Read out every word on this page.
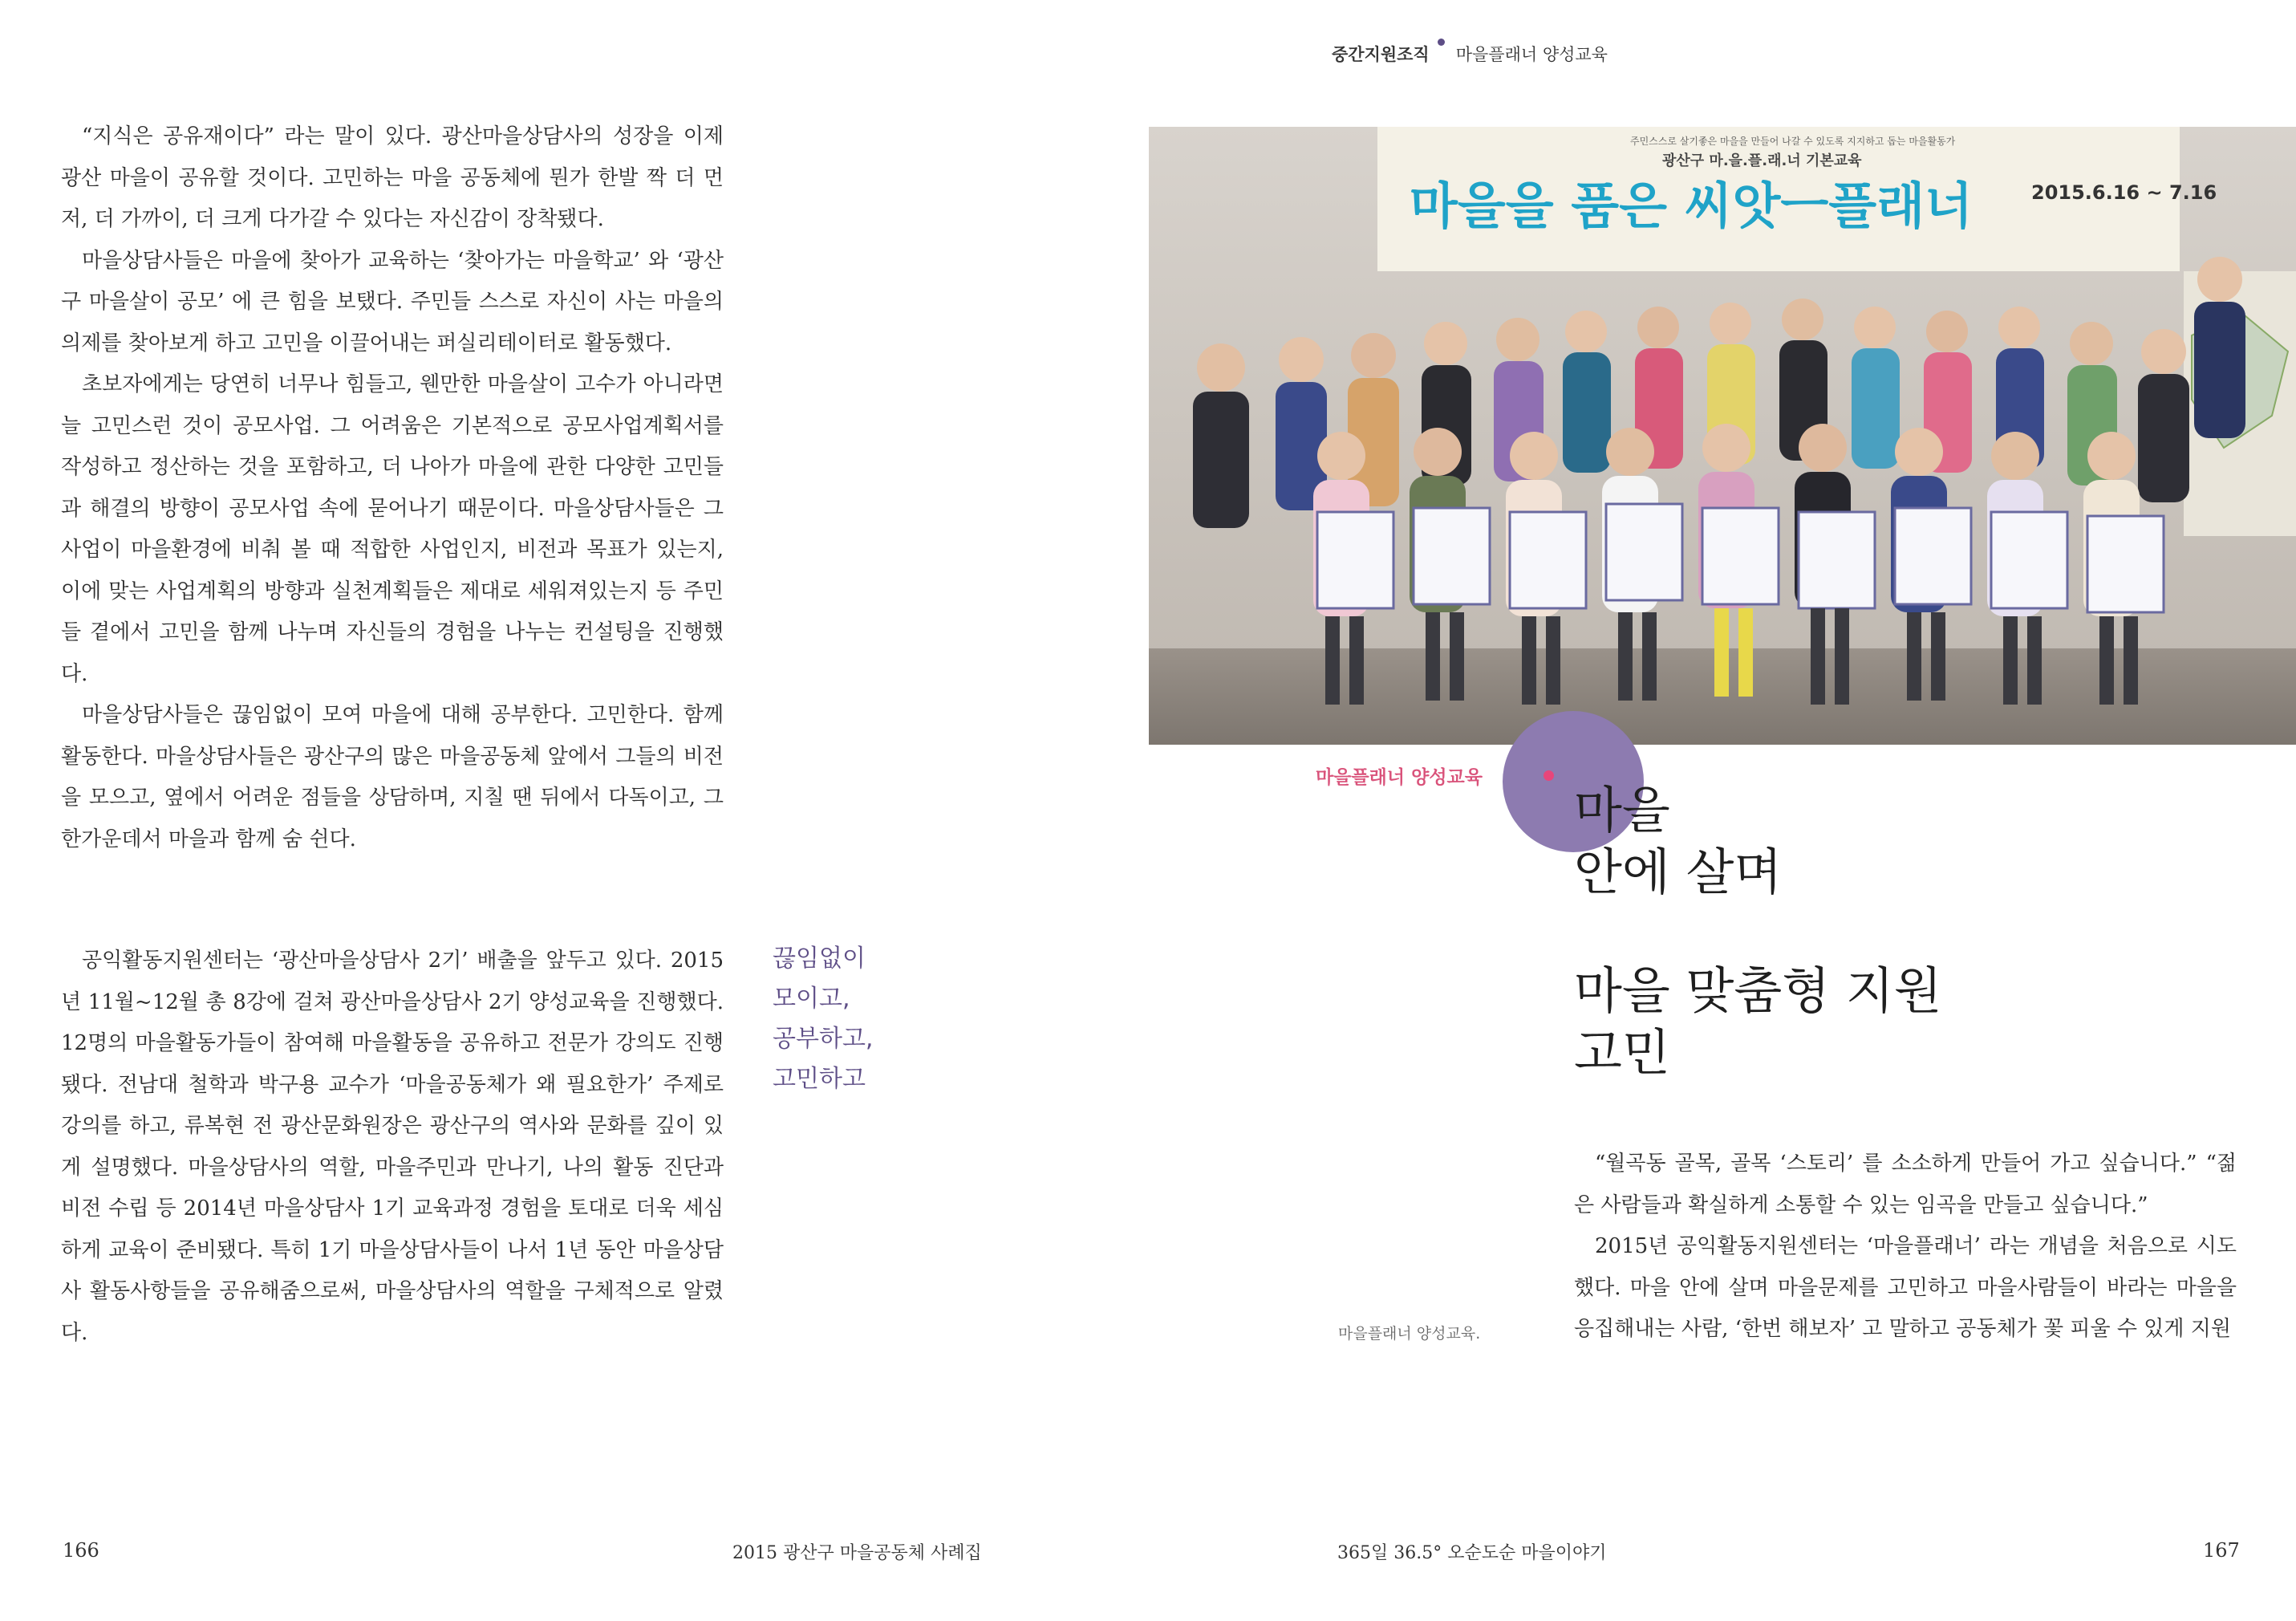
중간지원조직 마을플래너 양성교육

“지식은 공유재이다” 라는 말이 있다. 광산마을상담사의 성장을 이제 광산 마을이 공유할 것이다. 고민하는 마을 공동체에 뭔가 한발 짝 더 먼저, 더 가까이, 더 크게 다가갈 수 있다는 자신감이 장착됐다.

마을상담사들은 마을에 찾아가 교육하는 ‘찾아가는 마을학교’ 와 ‘광산구 마을살이 공모’ 에 큰 힘을 보탰다. 주민들 스스로 자신이 사는 마을의 의제를 찾아보게 하고 고민을 이끌어내는 퍼실리테이터로 활동했다.

초보자에게는 당연히 너무나 힘들고, 웬만한 마을살이 고수가 아니라면 늘 고민스런 것이 공모사업. 그 어려움은 기본적으로 공모사업계획서를 작성하고 정산하는 것을 포함하고, 더 나아가 마을에 관한 다양한 고민들과 해결의 방향이 공모사업 속에 묻어나기 때문이다. 마을상담사들은 그 사업이 마을환경에 비춰 볼 때 적합한 사업인지, 비전과 목표가 있는지, 이에 맞는 사업계획의 방향과 실천계획들은 제대로 세워져있는지 등 주민들 곁에서 고민을 함께 나누며 자신들의 경험을 나누는 컨설팅을 진행했다.

마을상담사들은 끊임없이 모여 마을에 대해 공부한다. 고민한다. 함께 활동한다. 마을상담사들은 광산구의 많은 마을공동체 앞에서 그들의 비전을 모으고, 옆에서 어려운 점들을 상담하며, 지칠 땐 뒤에서 다독이고, 그 한가운데서 마을과 함께 숨 쉰다.

공익활동지원센터는 ‘광산마을상담사 2기’ 배출을 앞두고 있다. 2015년 11월~12월 총 8강에 걸쳐 광산마을상담사 2기 양성교육을 진행했다. 12명의 마을활동가들이 참여해 마을활동을 공유하고 전문가 강의도 진행됐다. 전남대 철학과 박구용 교수가 ‘마을공동체가 왜 필요한가’ 주제로 강의를 하고, 류복현 전 광산문화원장은 광산구의 역사와 문화를 깊이 있게 설명했다. 마을상담사의 역할, 마을주민과 만나기, 나의 활동 진단과 비전 수립 등 2014년 마을상담사 1기 교육과정 경험을 토대로 더욱 세심하게 교육이 준비됐다. 특히 1기 마을상담사들이 나서 1년 동안 마을상담사 활동사항들을 공유해줌으로써, 마을상담사의 역할을 구체적으로 알렸다.

끊임없이
모이고,
공부하고,
고민하고
주민스스로 살기좋은 마을을 만들어 나갈 수 있도록 지지하고 돕는 마을활동가
광산구 마.을.플.래.너 기본교육
마을을 품은 씨앗ㅡ플래너	2015.6.16 ~ 7.16
마을플래너 양성교육
마을
안에 살며
마을 맞춤형 지원
고민
마을플래너 양성교육.

“월곡동 골목, 골목 ‘스토리’ 를 소소하게 만들어 가고 싶습니다.” “젊은 사람들과 확실하게 소통할 수 있는 임곡을 만들고 싶습니다.”

2015년 공익활동지원센터는 ‘마을플래너’ 라는 개념을 처음으로 시도했다. 마을 안에 살며 마을문제를 고민하고 마을사람들이 바라는 마을을 응집해내는 사람, ‘한번 해보자’ 고 말하고 공동체가 꽃 피울 수 있게 지원

166	2015 광산구 마을공동체 사례집	365일 36.5° 오순도순 마을이야기	167
